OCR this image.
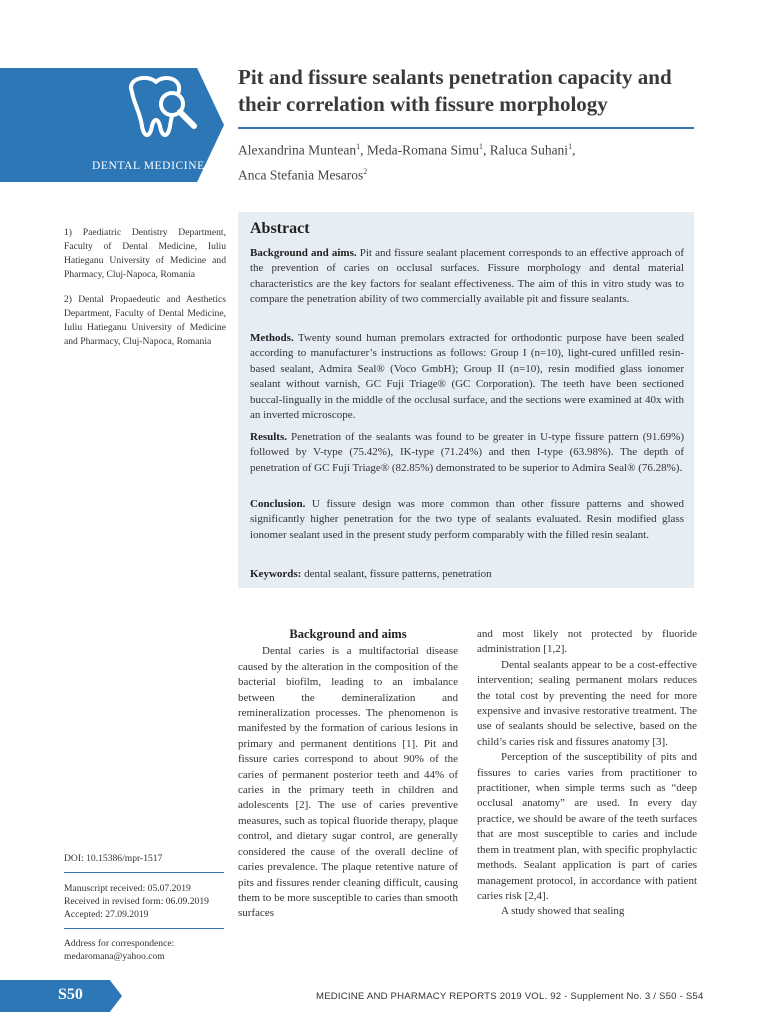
DENTAL MEDICINE
Pit and fissure sealants penetration capacity and their correlation with fissure morphology
Alexandrina Muntean$^1$, Meda-Romana Simu$^1$, Raluca Suhani$^1$,
Anca Stefania Mesaros$^2$
1) Paediatric Dentistry Department, Faculty of Dental Medicine, Iuliu Hatieganu University of Medicine and Pharmacy, Cluj-Napoca, Romania
2) Dental Propaedeutic and Aesthetics Department, Faculty of Dental Medicine, Iuliu Hatieganu University of Medicine and Pharmacy, Cluj-Napoca, Romania
Abstract
Background and aims. Pit and fissure sealant placement corresponds to an effective approach of the prevention of caries on occlusal surfaces. Fissure morphology and dental material characteristics are the key factors for sealant effectiveness. The aim of this in vitro study was to compare the penetration ability of two commercially available pit and fissure sealants.
Methods. Twenty sound human premolars extracted for orthodontic purpose have been sealed according to manufacturer’s instructions as follows: Group I (n=10), light-cured unfilled resin-based sealant, Admira Seal® (Voco GmbH); Group II (n=10), resin modified glass ionomer sealant without varnish, GC Fuji Triage® (GC Corporation). The teeth have been sectioned buccal-lingually in the middle of the occlusal surface, and the sections were examined at 40x with an inverted microscope.
Results. Penetration of the sealants was found to be greater in U-type fissure pattern (91.69%) followed by V-type (75.42%), IK-type (71.24%) and then I-type (63.98%). The depth of penetration of GC Fuji Triage® (82.85%) demonstrated to be superior to Admira Seal® (76.28%).
Conclusion. U fissure design was more common than other fissure patterns and showed significantly higher penetration for the two type of sealants evaluated. Resin modified glass ionomer sealant used in the present study perform comparably with the filled resin sealant.
Keywords: dental sealant, fissure patterns, penetration
DOI: 10.15386/mpr-1517
Manuscript received: 05.07.2019
Received in revised form: 06.09.2019
Accepted: 27.09.2019
Address for correspondence:
medaromana@yahoo.com
Background and aims

Dental caries is a multifactorial disease caused by the alteration in the composition of the bacterial biofilm, leading to an imbalance between the demineralization and remineralization processes. The phenomenon is manifested by the formation of carious lesions in primary and permanent dentitions [1]. Pit and fissure caries correspond to about 90% of the caries of permanent posterior teeth and 44% of caries in the primary teeth in children and adolescents [2]. The use of caries preventive measures, such as topical fluoride therapy, plaque control, and dietary sugar control, are generally considered the cause of the overall decline of caries prevalence. The plaque retentive nature of pits and fissures render cleaning difficult, causing them to be more susceptible to caries than smooth surfaces

and most likely not protected by fluoride administration [1,2].

Dental sealants appear to be a cost-effective intervention; sealing permanent molars reduces the total cost by preventing the need for more expensive and invasive restorative treatment. The use of sealants should be selective, based on the child’s caries risk and fissures anatomy [3].

Perception of the susceptibility of pits and fissures to caries varies from practitioner to practitioner, when simple terms such as “deep occlusal anatomy” are used. In every day practice, we should be aware of the teeth surfaces that are most susceptible to caries and include them in treatment plan, with specific prophylactic methods. Sealant application is part of caries management protocol, in accordance with patient caries risk [2,4].

A study showed that sealing

S50	MEDICINE AND PHARMACY REPORTS 2019 VOL. 92 - Supplement No. 3 / S50 - S54
